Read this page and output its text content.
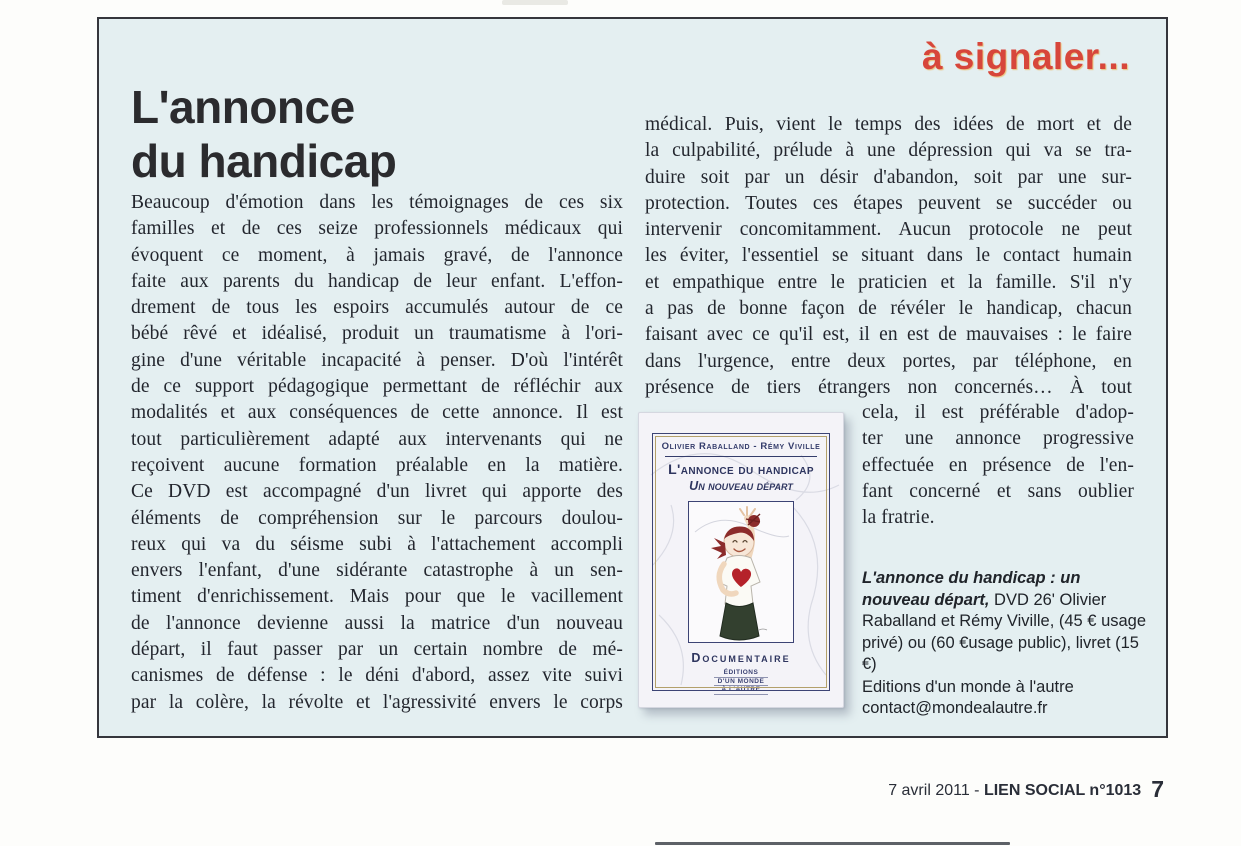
à signaler...
L'annonce
du handicap
Beaucoup d'émotion dans les témoignages de ces six
familles et de ces seize professionnels médicaux qui
évoquent ce moment, à jamais gravé, de l'annonce
faite aux parents du handicap de leur enfant. L'effon-
drement de tous les espoirs accumulés autour de ce
bébé rêvé et idéalisé, produit un traumatisme à l'ori-
gine d'une véritable incapacité à penser. D'où l'intérêt
de ce support pédagogique permettant de réfléchir aux
modalités et aux conséquences de cette annonce. Il est
tout particulièrement adapté aux intervenants qui ne
reçoivent aucune formation préalable en la matière.
Ce DVD est accompagné d'un livret qui apporte des
éléments de compréhension sur le parcours doulou-
reux qui va du séisme subi à l'attachement accompli
envers l'enfant, d'une sidérante catastrophe à un sen-
timent d'enrichissement. Mais pour que le vacillement
de l'annonce devienne aussi la matrice d'un nouveau
départ, il faut passer par un certain nombre de mé-
canismes de défense : le déni d'abord, assez vite suivi
par la colère, la révolte et l'agressivité envers le corps
médical. Puis, vient le temps des idées de mort et de
la culpabilité, prélude à une dépression qui va se tra-
duire soit par un désir d'abandon, soit par une sur-
protection. Toutes ces étapes peuvent se succéder ou
intervenir concomitamment. Aucun protocole ne peut
les éviter, l'essentiel se situant dans le contact humain
et empathique entre le praticien et la famille. S'il n'y
a pas de bonne façon de révéler le handicap, chacun
faisant avec ce qu'il est, il en est de mauvaises : le faire
dans l'urgence, entre deux portes, par téléphone, en
présence de tiers étrangers non concernés… À tout
cela, il est préférable d'adop-
ter une annonce progressive
effectuée en présence de l'en-
fant concerné et sans oublier
la fratrie.
Olivier Raballand - Rémy Viville
L'annonce du handicap
Un nouveau départ
Documentaire
ÉDITIONS
D'UN MONDE
À L'AUTRE

L'annonce du handicap : un nouveau départ, DVD 26' Olivier Raballand et Rémy Viville, (45 € usage privé) ou (60 €usage public), livret (15 €)

Editions d'un monde à l'autre
contact@mondealautre.fr
7 avril 2011 - LIEN SOCIAL n°1013 7
